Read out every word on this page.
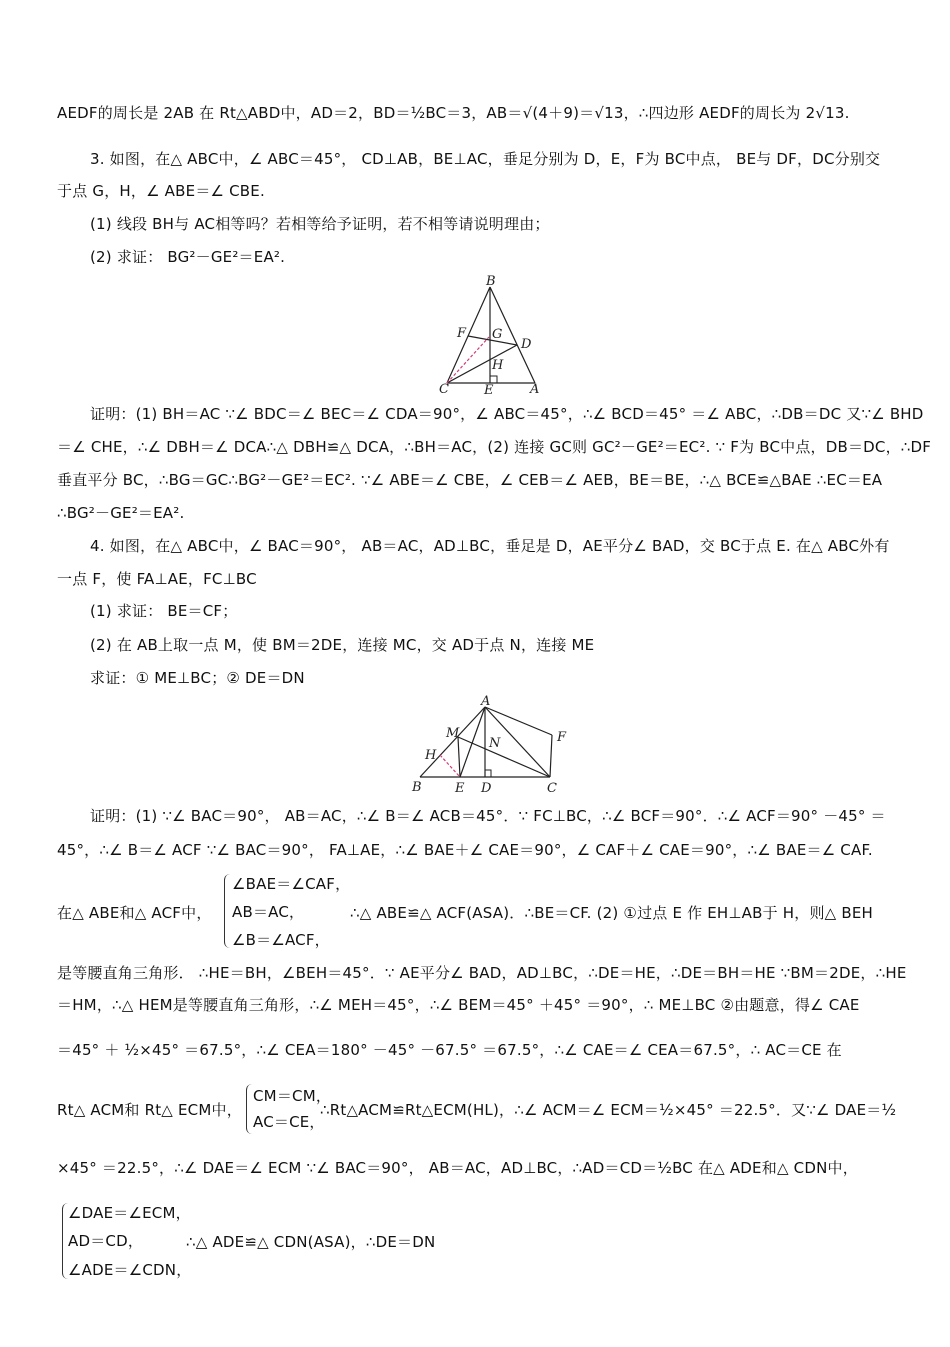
AEDF的周长是 2AB 在 Rt△ABD中，AD＝2，BD＝½BC＝3，AB＝√(4＋9)＝√13，∴四边形 AEDF的周长为 2√13.
3. 如图，在△ ABC中，∠ ABC＝45°， CD⊥AB，BE⊥AC，垂足分别为 D，E，F为 BC中点， BE与 DF，DC分别交
于点 G，H，∠ ABE＝∠ CBE.
(1) 线段 BH与 AC相等吗？若相等给予证明，若不相等请说明理由；
(2) 求证： BG²－GE²＝EA².
B
F G
D
H
C	E	A
证明：(1) BH＝AC ∵∠ BDC＝∠ BEC＝∠ CDA＝90°，∠ ABC＝45°，∴∠ BCD＝45° ＝∠ ABC，∴DB＝DC 又∵∠ BHD
＝∠ CHE，∴∠ DBH＝∠ DCA∴△ DBH≌△ DCA，∴BH＝AC，(2) 连接 GC则 GC²－GE²＝EC². ∵ F为 BC中点，DB＝DC，∴DF
垂直平分 BC，∴BG＝GC∴BG²－GE²＝EC². ∵∠ ABE＝∠ CBE，∠ CEB＝∠ AEB，BE＝BE，∴△ BCE≌△BAE ∴EC＝EA
∴BG²－GE²＝EA².
4. 如图，在△ ABC中，∠ BAC＝90°， AB＝AC，AD⊥BC，垂足是 D，AE平分∠ BAD，交 BC于点 E. 在△ ABC外有
一点 F，使 FA⊥AE，FC⊥BC
(1) 求证： BE＝CF；
(2) 在 AB上取一点 M，使 BM＝2DE，连接 MC，交 AD于点 N，连接 ME
求证：① ME⊥BC；② DE＝DN
A
M
N	F
H
B	E D	C
证明：(1) ∵∠ BAC＝90°， AB＝AC，∴∠ B＝∠ ACB＝45°．∵ FC⊥BC，∴∠ BCF＝90°．∴∠ ACF＝90° －45° ＝
45°，∴∠ B＝∠ ACF ∵∠ BAC＝90°， FA⊥AE，∴∠ BAE＋∠ CAE＝90°，∠ CAF＋∠ CAE＝90°，∴∠ BAE＝∠ CAF.
在△ ABE和△ ACF中，
∠BAE＝∠CAF，
AB＝AC，
∠B＝∠ACF，
∴△ ABE≌△ ACF(ASA)．∴BE＝CF. (2) ①过点 E 作 EH⊥AB于 H，则△ BEH
是等腰直角三角形． ∴HE＝BH，∠BEH＝45°．∵ AE平分∠ BAD，AD⊥BC，∴DE＝HE，∴DE＝BH＝HE ∵BM＝2DE，∴HE
＝HM，∴△ HEM是等腰直角三角形，∴∠ MEH＝45°，∴∠ BEM＝45° ＋45° ＝90°，∴ ME⊥BC ②由题意，得∠ CAE
＝45° ＋ ½×45° ＝67.5°，∴∠ CEA＝180° －45° －67.5° ＝67.5°，∴∠ CAE＝∠ CEA＝67.5°，∴ AC＝CE 在
Rt△ ACM和 Rt△ ECM中，
CM＝CM，
AC＝CE，
∴Rt△ACM≌Rt△ECM(HL)，∴∠ ACM＝∠ ECM＝½×45° ＝22.5°．又∵∠ DAE＝½
×45° ＝22.5°，∴∠ DAE＝∠ ECM ∵∠ BAC＝90°， AB＝AC，AD⊥BC，∴AD＝CD＝½BC 在△ ADE和△ CDN中，
∠DAE＝∠ECM，
AD＝CD，
∠ADE＝∠CDN，
∴△ ADE≌△ CDN(ASA)，∴DE＝DN
